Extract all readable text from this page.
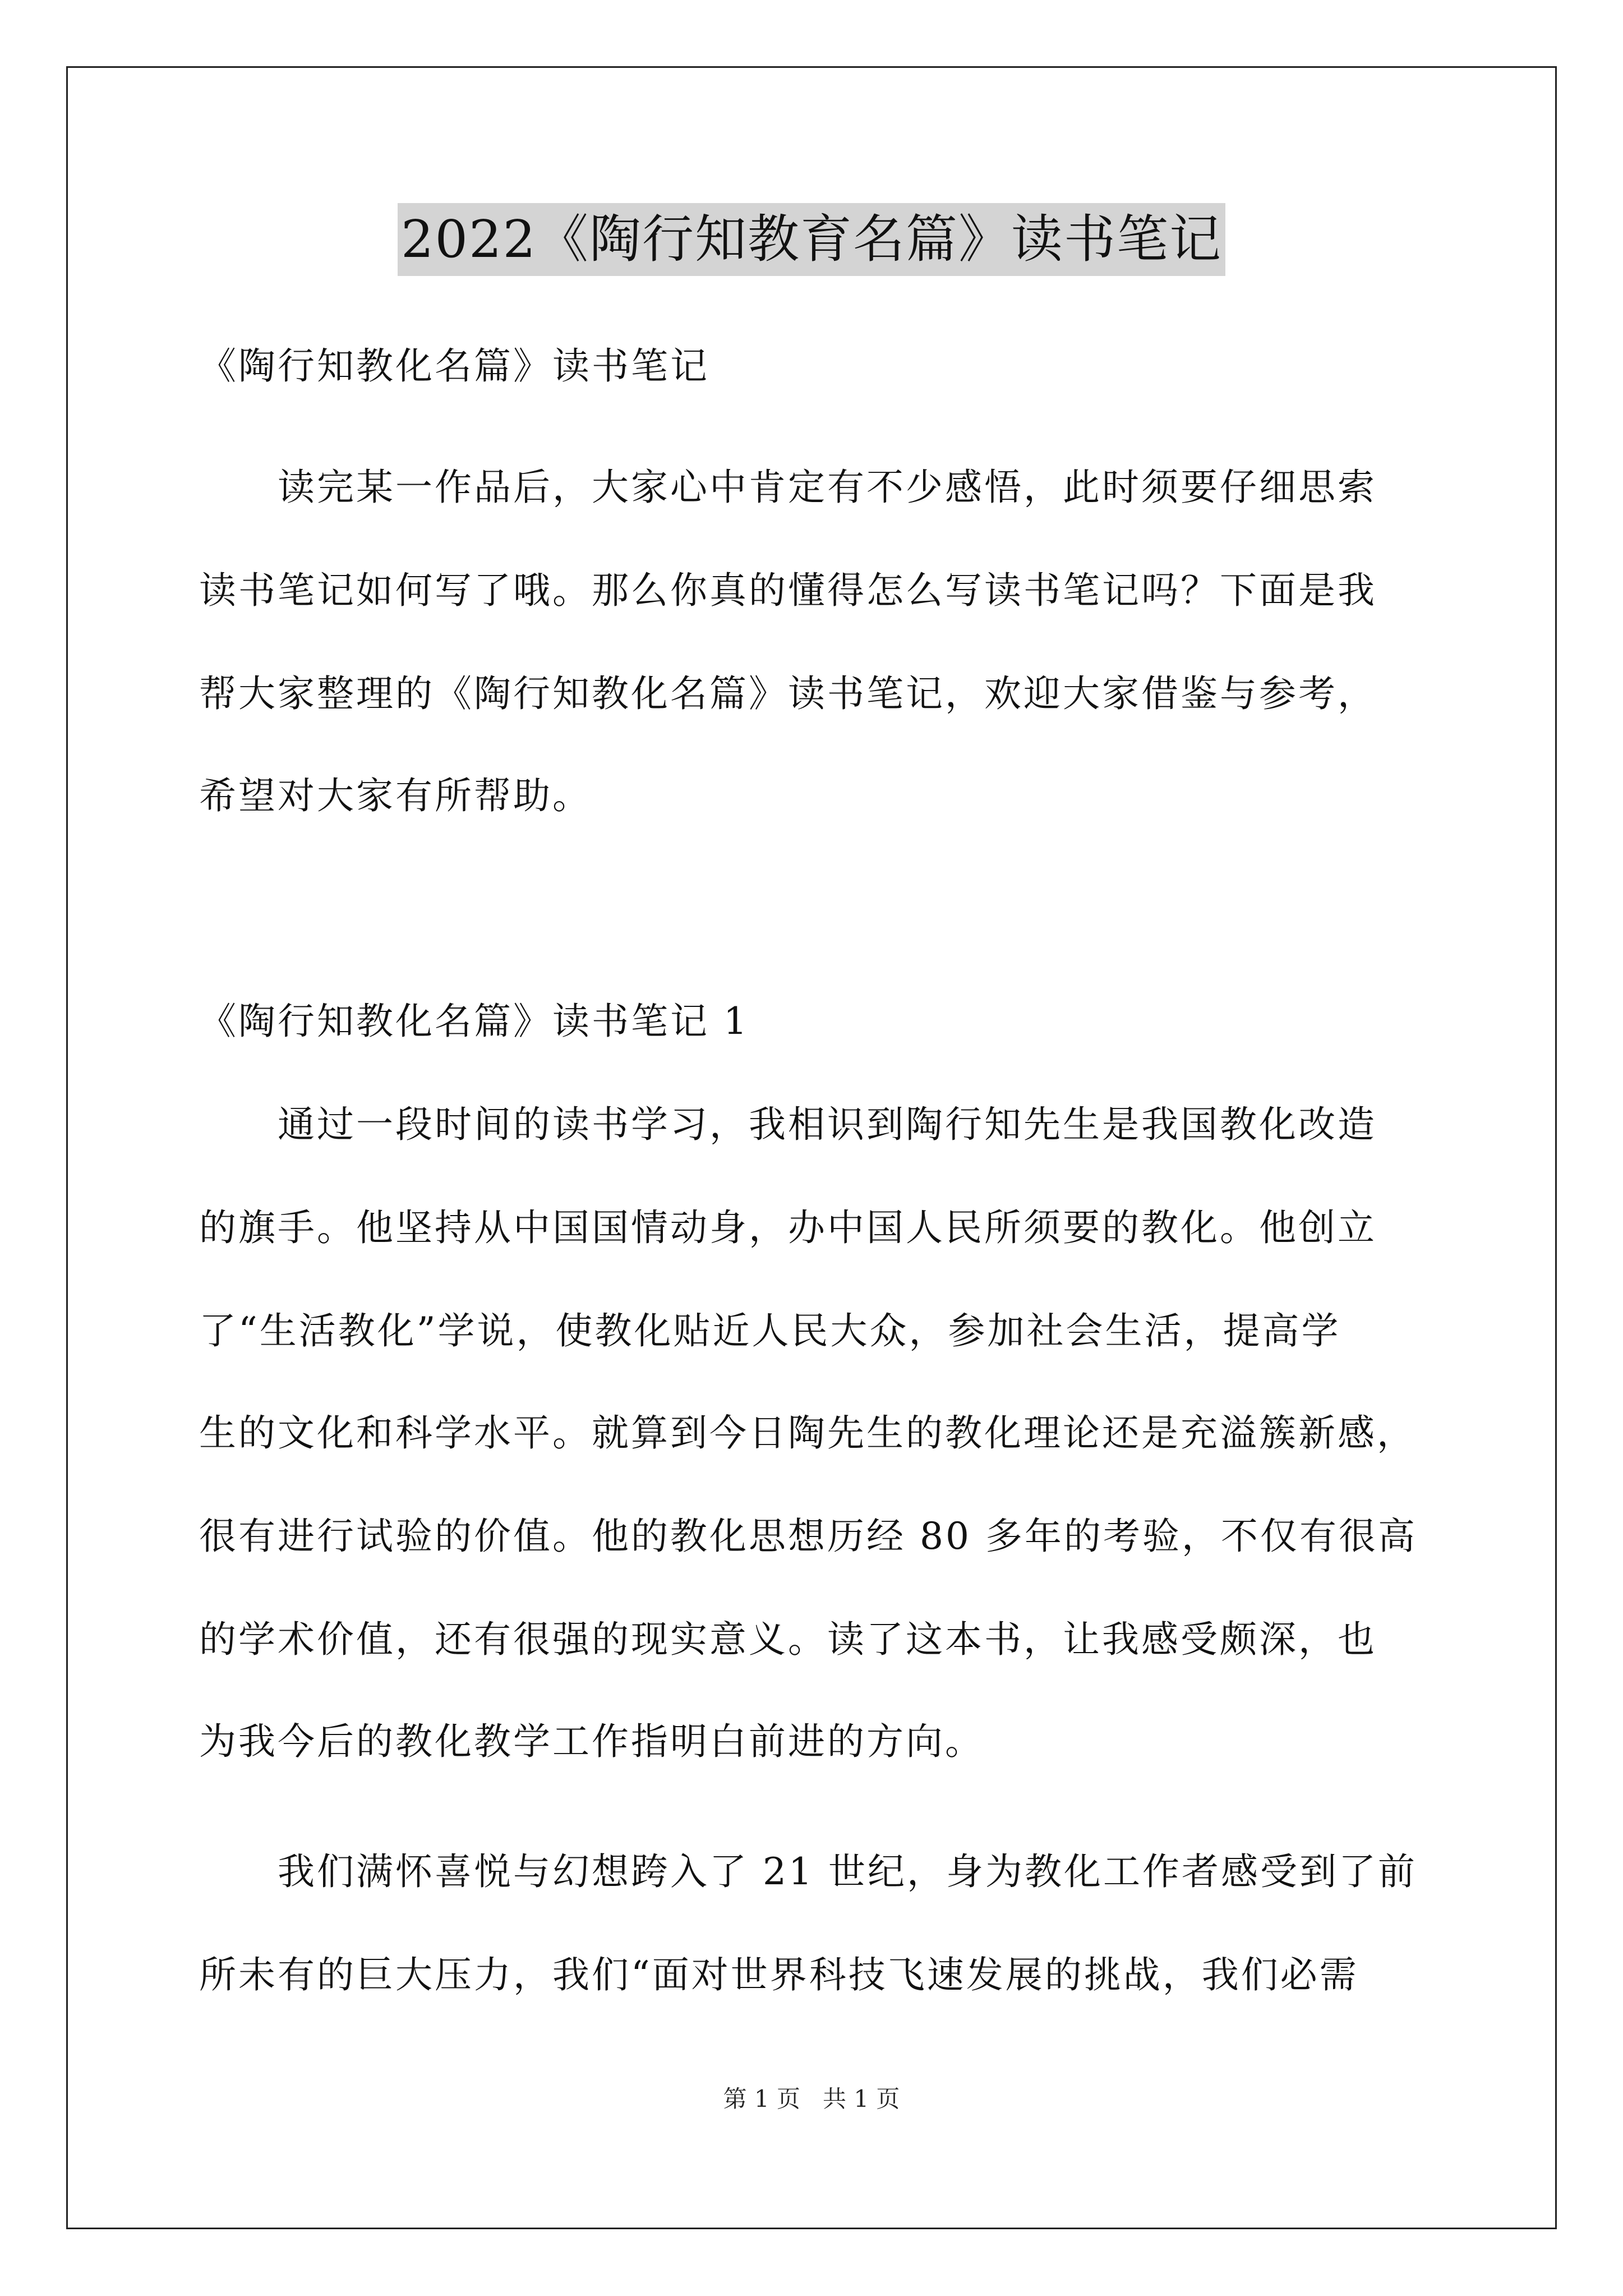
2022《陶行知教育名篇》读书笔记
《陶行知教化名篇》读书笔记
读完某一作品后，大家心中肯定有不少感悟，此时须要仔细思索
读书笔记如何写了哦。那么你真的懂得怎么写读书笔记吗？下面是我
帮大家整理的《陶行知教化名篇》读书笔记，欢迎大家借鉴与参考，
希望对大家有所帮助。
《陶行知教化名篇》读书笔记 1
通过一段时间的读书学习，我相识到陶行知先生是我国教化改造
的旗手。他坚持从中国国情动身，办中国人民所须要的教化。他创立
了“生活教化”学说，使教化贴近人民大众，参加社会生活，提高学
生的文化和科学水平。就算到今日陶先生的教化理论还是充溢簇新感，
很有进行试验的价值。他的教化思想历经 80 多年的考验，不仅有很高
的学术价值，还有很强的现实意义。读了这本书，让我感受颇深，也
为我今后的教化教学工作指明白前进的方向。
我们满怀喜悦与幻想跨入了 21 世纪，身为教化工作者感受到了前
所未有的巨大压力，我们“面对世界科技飞速发展的挑战，我们必需
第 1 页 共 1 页
